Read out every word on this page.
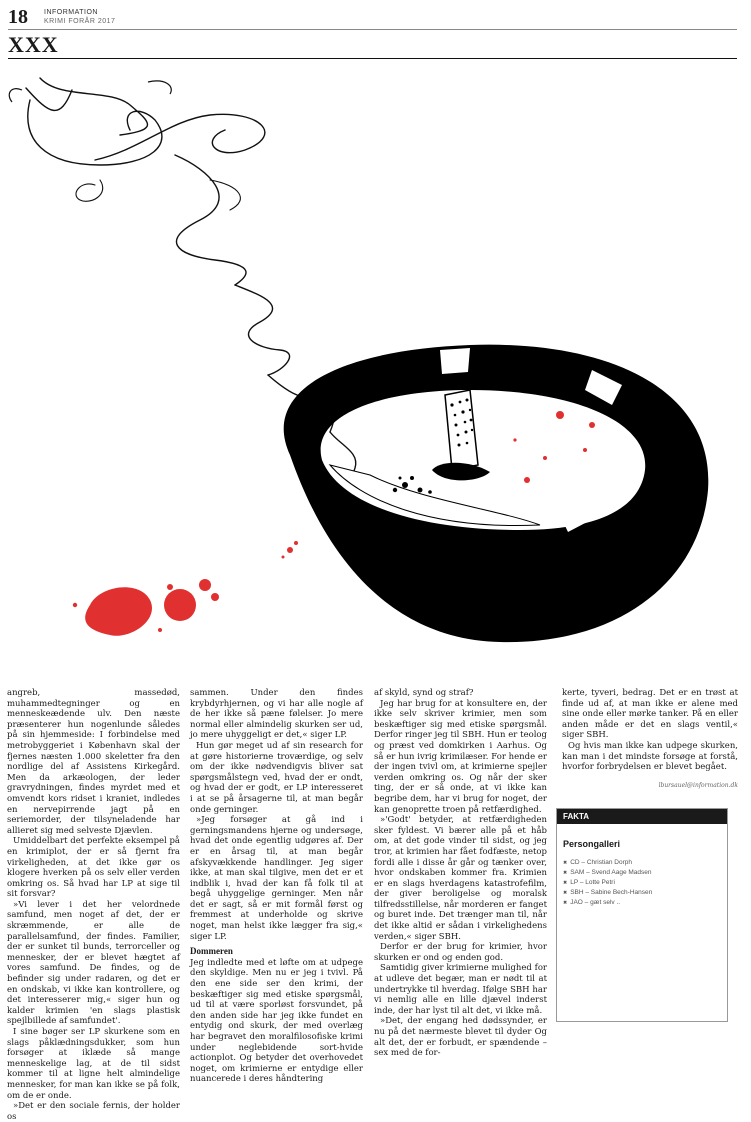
18 INFORMATION
KRIMI FORÅR 2017
XXX

angreb, massedød, muhammedtegninger og en menneskeædende ulv. Den næste præsenterer hun nogenlunde således på sin hjemmeside: I forbindelse med metrobyggeriet i København skal der fjernes næsten 1.000 skeletter fra den nordlige del af Assistens Kirkegård. Men da arkæologen, der leder gravrydningen, findes myrdet med et omvendt kors ridset i kraniet, indledes en nervepirrende jagt på en seriemorder, der tilsyneladende har allieret sig med selveste Djævlen.

Umiddelbart det perfekte eksempel på en krimiplot, der er så fjernt fra virkeligheden, at det ikke gør os klogere hverken på os selv eller verden omkring os. Så hvad har LP at sige til sit forsvar?

»Vi lever i det her velordnede samfund, men noget af det, der er skræmmende, er alle de parallelsamfund, der findes. Familier, der er sunket til bunds, terrorceller og mennesker, der er blevet hægtet af vores samfund. De findes, og de befinder sig under radaren, og det er en ondskab, vi ikke kan kontrollere, og det interesserer mig,« siger hun og kalder krimien 'en slags plastisk spejlbillede af samfundet'.

I sine bøger ser LP skurkene som en slags påklædningsdukker, som hun forsøger at iklæde så mange menneskelige lag, at de til sidst kommer til at ligne helt almindelige mennesker, for man kan ikke se på folk, om de er onde.

»Det er den sociale fernis, der holder os

sammen. Under den findes krybdyrhjernen, og vi har alle nogle af de her ikke så pæne følelser. Jo mere normal eller almindelig skurken ser ud, jo mere uhyggeligt er det,« siger LP.

Hun gør meget ud af sin research for at gøre historierne troværdige, og selv om der ikke nødvendigvis bliver sat spørgsmålstegn ved, hvad der er ondt, og hvad der er godt, er LP interesseret i at se på årsagerne til, at man begår onde gerninger.

»Jeg forsøger at gå ind i gerningsmandens hjerne og undersøge, hvad det onde egentlig udgøres af. Der er en årsag til, at man begår afskyvækkende handlinger. Jeg siger ikke, at man skal tilgive, men det er et indblik i, hvad der kan få folk til at begå uhyggelige gerninger. Men når det er sagt, så er mit formål først og fremmest at underholde og skrive noget, man helst ikke lægger fra sig,« siger LP.

Dommeren

Jeg indledte med et løfte om at udpege den skyldige. Men nu er jeg i tvivl. På den ene side ser den krimi, der beskæftiger sig med etiske spørgsmål, ud til at være sporløst forsvundet, på den anden side har jeg ikke fundet en entydig ond skurk, der med overlæg har begravet den moralfilosofiske krimi under neglebidende sort-hvide actionplot. Og betyder det overhovedet noget, om krimierne er entydige eller nuancerede i deres håndtering

af skyld, synd og straf?

Jeg har brug for at konsultere en, der ikke selv skriver krimier, men som beskæftiger sig med etiske spørgsmål. Derfor ringer jeg til SBH. Hun er teolog og præst ved domkirken i Aarhus. Og så er hun ivrig krimilæser. For hende er der ingen tvivl om, at krimierne spejler verden omkring os. Og når der sker ting, der er så onde, at vi ikke kan begribe dem, har vi brug for noget, der kan genoprette troen på retfærdighed.

»'Godt' betyder, at retfærdigheden sker fyldest. Vi bærer alle på et håb om, at det gode vinder til sidst, og jeg tror, at krimien har fået fodfæste, netop fordi alle i disse år går og tænker over, hvor ondskaben kommer fra. Krimien er en slags hverdagens katastrofefilm, der giver beroligelse og moralsk tilfredsstillelse, når morderen er fanget og buret inde. Det trænger man til, når det ikke altid er sådan i virkelighedens verden,« siger SBH.

Derfor er der brug for krimier, hvor skurken er ond og enden god.

Samtidig giver krimierne mulighed for at udleve det begær, man er nødt til at undertrykke til hverdag. Ifølge SBH har vi nemlig alle en lille djævel inderst inde, der har lyst til alt det, vi ikke må.

»Det, der engang hed dødssynder, er nu på det nærmeste blevet til dyder Og alt det, der er forbudt, er spændende – sex med de for-

kerte, tyveri, bedrag. Det er en trøst at finde ud af, at man ikke er alene med sine onde eller mørke tanker. På en eller anden måde er det en slags ventil,« siger SBH.

Og hvis man ikke kan udpege skurken, kan man i det mindste forsøge at forstå, hvorfor forbrydelsen er blevet begået.

lbursauel@information.dk
FAKTA
Persongalleri
✖ CD – Christian Dorph
✖ SAM – Svend Aage Madsen
✖ LP – Lotte Petri
✖ SBH – Sabine Bech-Hansen
✖ JAO – gæt selv ..
